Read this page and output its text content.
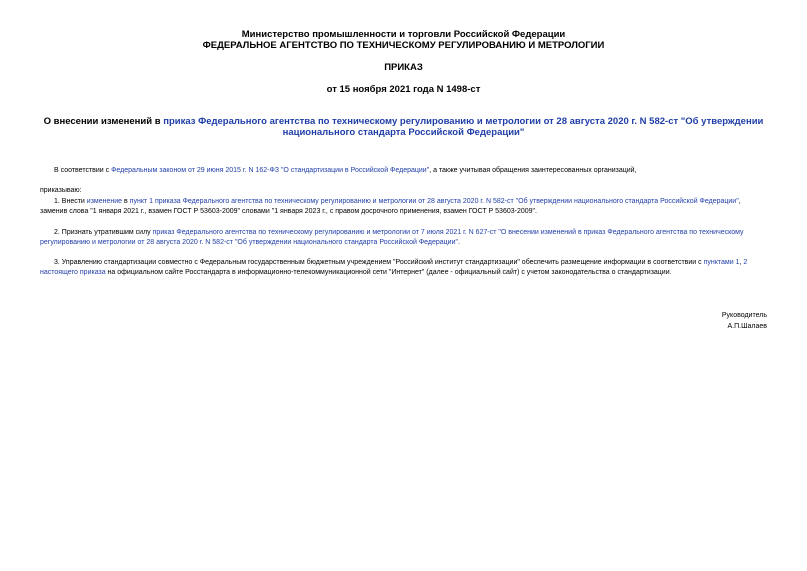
Министерство промышленности и торговли Российской Федерации
ФЕДЕРАЛЬНОЕ АГЕНТСТВО ПО ТЕХНИЧЕСКОМУ РЕГУЛИРОВАНИЮ И МЕТРОЛОГИИ
ПРИКАЗ
от 15 ноября 2021 года N 1498-ст
О внесении изменений в приказ Федерального агентства по техническому регулированию и метрологии от 28 августа 2020 г. N 582-ст "Об утверждении национального стандарта Российской Федерации"
В соответствии с Федеральным законом от 29 июня 2015 г. N 162-ФЗ "О стандартизации в Российской Федерации", а также учитывая обращения заинтересованных организаций,
приказываю:
1. Внести изменение в пункт 1 приказа Федерального агентства по техническому регулированию и метрологии от 28 августа 2020 г. N 582-ст "Об утверждении национального стандарта Российской Федерации", заменив слова "1 января 2021 г., взамен ГОСТ Р 53603-2009" словами "1 января 2023 г., с правом досрочного применения, взамен ГОСТ Р 53603-2009".
2. Признать утратившим силу приказ Федерального агентства по техническому регулированию и метрологии от 7 июля 2021 г. N 627-ст "О внесении изменений в приказ Федерального агентства по техническому регулированию и метрологии от 28 августа 2020 г. N 582-ст "Об утверждении национального стандарта Российской Федерации".
3. Управлению стандартизации совместно с Федеральным государственным бюджетным учреждением "Российский институт стандартизации" обеспечить размещение информации в соответствии с пунктами 1, 2 настоящего приказа на официальном сайте Росстандарта в информационно-телекоммуникационной сети "Интернет" (далее - официальный сайт) с учетом законодательства о стандартизации.
Руководитель
А.П.Шалаев
